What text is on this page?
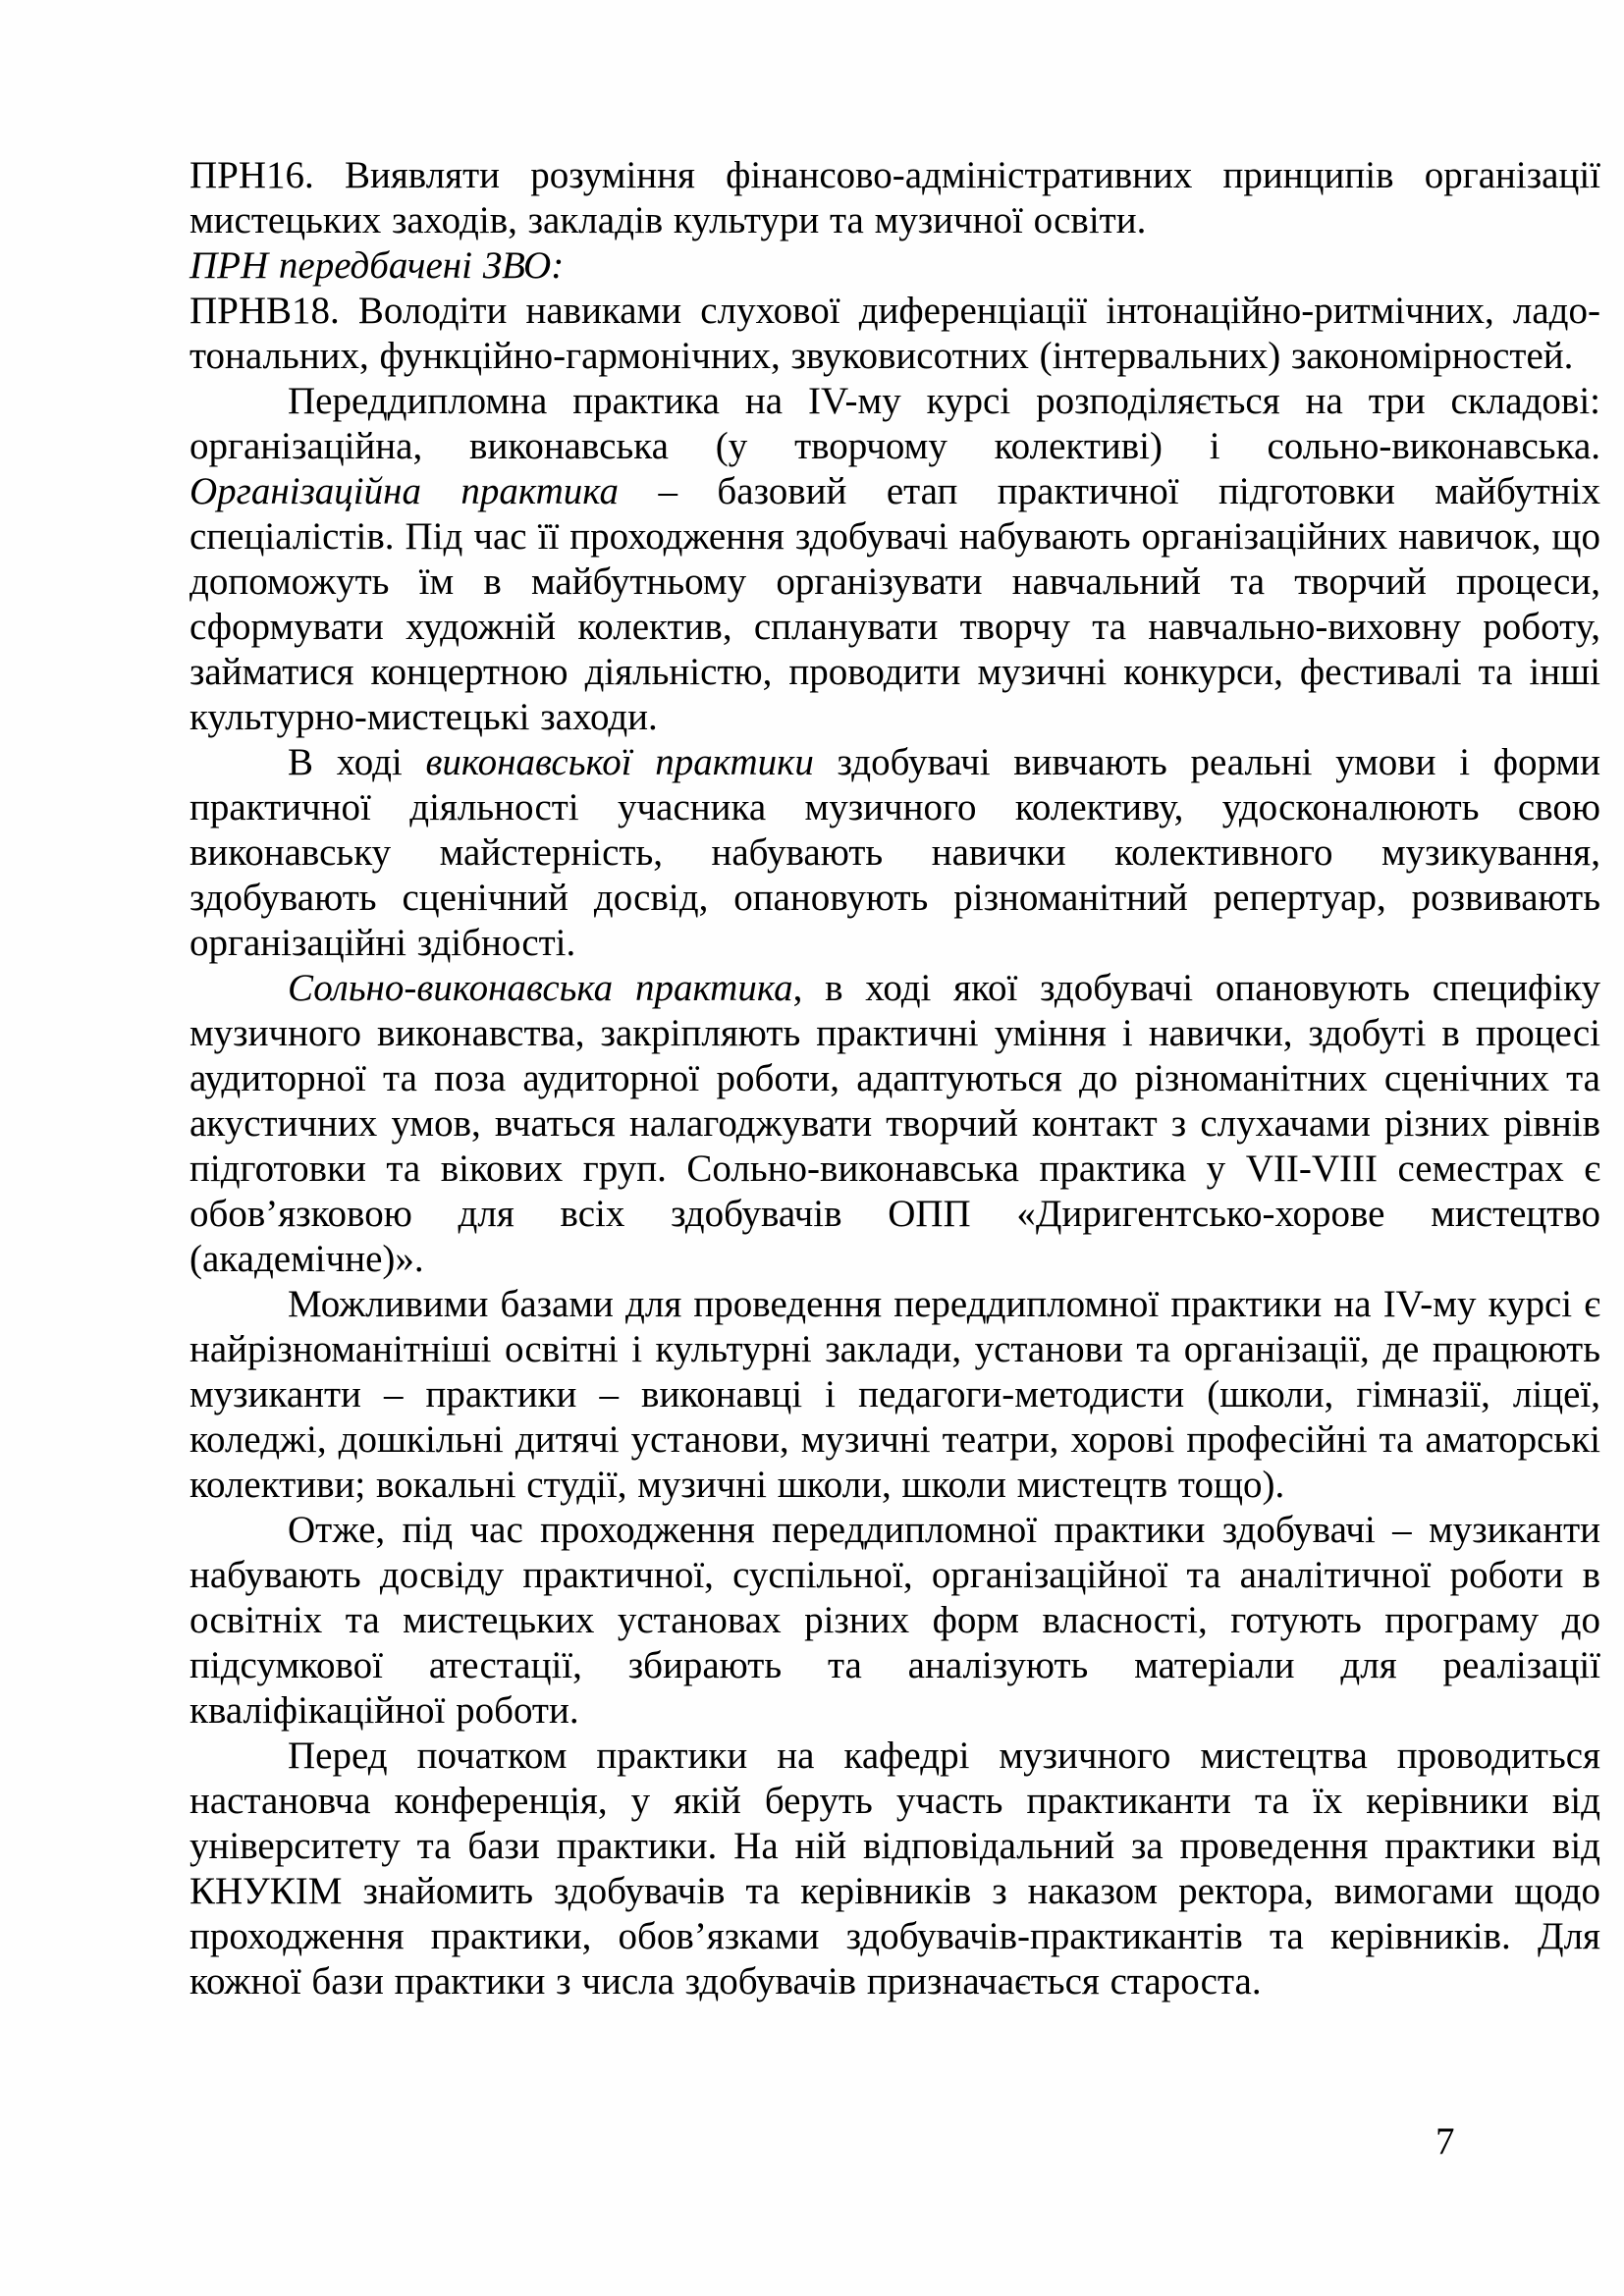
ПРН16. Виявляти розуміння фінансово-адміністративних принципів організації мистецьких заходів, закладів культури та музичної освіти.

ПРН передбачені ЗВО:

ПРНВ18. Володіти навиками слухової диференціації інтонаційно-ритмічних, ладо-тональних, функційно-гармонічних, звуковисотних (інтервальних) закономірностей.

Переддипломна практика на IV-му курсі розподіляється на три складові: організаційна, виконавська (у творчому колективі) і сольно-виконавська. Організаційна практика – базовий етап практичної підготовки майбутніх спеціалістів. Під час її проходження здобувачі набувають організаційних навичок, що допоможуть їм в майбутньому організувати навчальний та творчий процеси, сформувати художній колектив, спланувати творчу та навчально-виховну роботу, займатися концертною діяльністю, проводити музичні конкурси, фестивалі та інші культурно-мистецькі заходи.

В ході виконавської практики здобувачі вивчають реальні умови і форми практичної діяльності учасника музичного колективу, удосконалюють свою виконавську майстерність, набувають навички колективного музикування, здобувають сценічний досвід, опановують різноманітний репертуар, розвивають організаційні здібності.

Сольно-виконавська практика, в ході якої здобувачі опановують специфіку музичного виконавства, закріпляють практичні уміння і навички, здобуті в процесі аудиторної та поза аудиторної роботи, адаптуються до різноманітних сценічних та акустичних умов, вчаться налагоджувати творчий контакт з слухачами різних рівнів підготовки та вікових груп. Сольно-виконавська практика у VII-VIII семестрах є обов’язковою для всіх здобувачів ОПП «Диригентсько-хорове мистецтво (академічне)».

Можливими базами для проведення переддипломної практики на IV-му курсі є найрізноманітніші освітні і культурні заклади, установи та організації, де працюють музиканти – практики – виконавці і педагоги-методисти (школи, гімназії, ліцеї, коледжі, дошкільні дитячі установи, музичні театри, хорові професійні та аматорські колективи; вокальні студії, музичні школи, школи мистецтв тощо).

Отже, під час проходження переддипломної практики здобувачі – музиканти набувають досвіду практичної, суспільної, організаційної та аналітичної роботи в освітніх та мистецьких установах різних форм власності, готують програму до підсумкової атестації, збирають та аналізують матеріали для реалізації кваліфікаційної роботи.

Перед початком практики на кафедрі музичного мистецтва проводиться настановча конференція, у якій беруть участь практиканти та їх керівники від університету та бази практики. На ній відповідальний за проведення практики від КНУКІМ знайомить здобувачів та керівників з наказом ректора, вимогами щодо проходження практики, обов’язками здобувачів-практикантів та керівників. Для кожної бази практики з числа здобувачів призначається староста.

7
